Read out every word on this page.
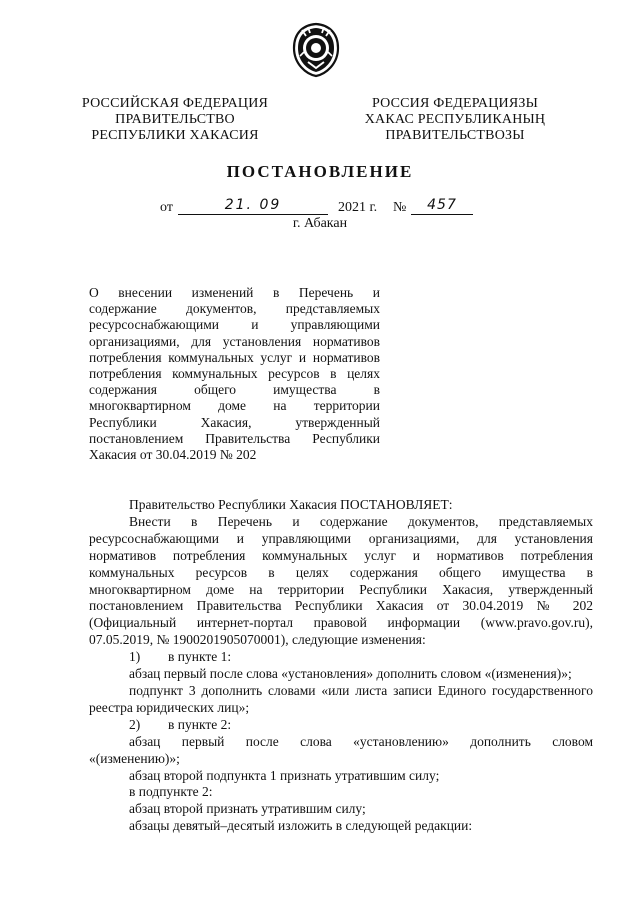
РОССИЙСКАЯ ФЕДЕРАЦИЯ
ПРАВИТЕЛЬСТВО
РЕСПУБЛИКИ ХАКАСИЯ
РОССИЯ ФЕДЕРАЦИЯЗЫ
ХАКАС РЕСПУБЛИКАНЫҢ
ПРАВИТЕЛЬСТВОЗЫ
ПОСТАНОВЛЕНИЕ
от	21. 09	2021 г. №	457
г. Абакан
О внесении изменений в Перечень и
содержание документов, представляемых
ресурсоснабжающими и управляющими
организациями, для установления нормативов
потребления коммунальных услуг и нормативов
потребления коммунальных ресурсов в целях
содержания общего имущества в
многоквартирном доме на территории
Республики Хакасия, утвержденный
постановлением Правительства Республики
Хакасия от 30.04.2019 № 202
Правительство Республики Хакасия ПОСТАНОВЛЯЕТ:
Внести в Перечень и содержание документов, представляемых
ресурсоснабжающими и управляющими организациями, для установления
нормативов потребления коммунальных услуг и нормативов потребления
коммунальных ресурсов в целях содержания общего имущества в
многоквартирном доме на территории Республики Хакасия, утвержденный
постановлением Правительства Республики Хакасия от 30.04.2019 № 202
(Официальный интернет-портал правовой информации (www.pravo.gov.ru),
07.05.2019, № 1900201905070001), следующие изменения:
1) в пункте 1:
абзац первый после слова «установления» дополнить словом «(изменения)»;
подпункт 3 дополнить словами «или листа записи Единого государственного
реестра юридических лиц»;
2) в пункте 2:
абзац первый после слова «установлению» дополнить словом
«(изменению)»;
абзац второй подпункта 1 признать утратившим силу;
в подпункте 2:
абзац второй признать утратившим силу;
абзацы девятый–десятый изложить в следующей редакции:
